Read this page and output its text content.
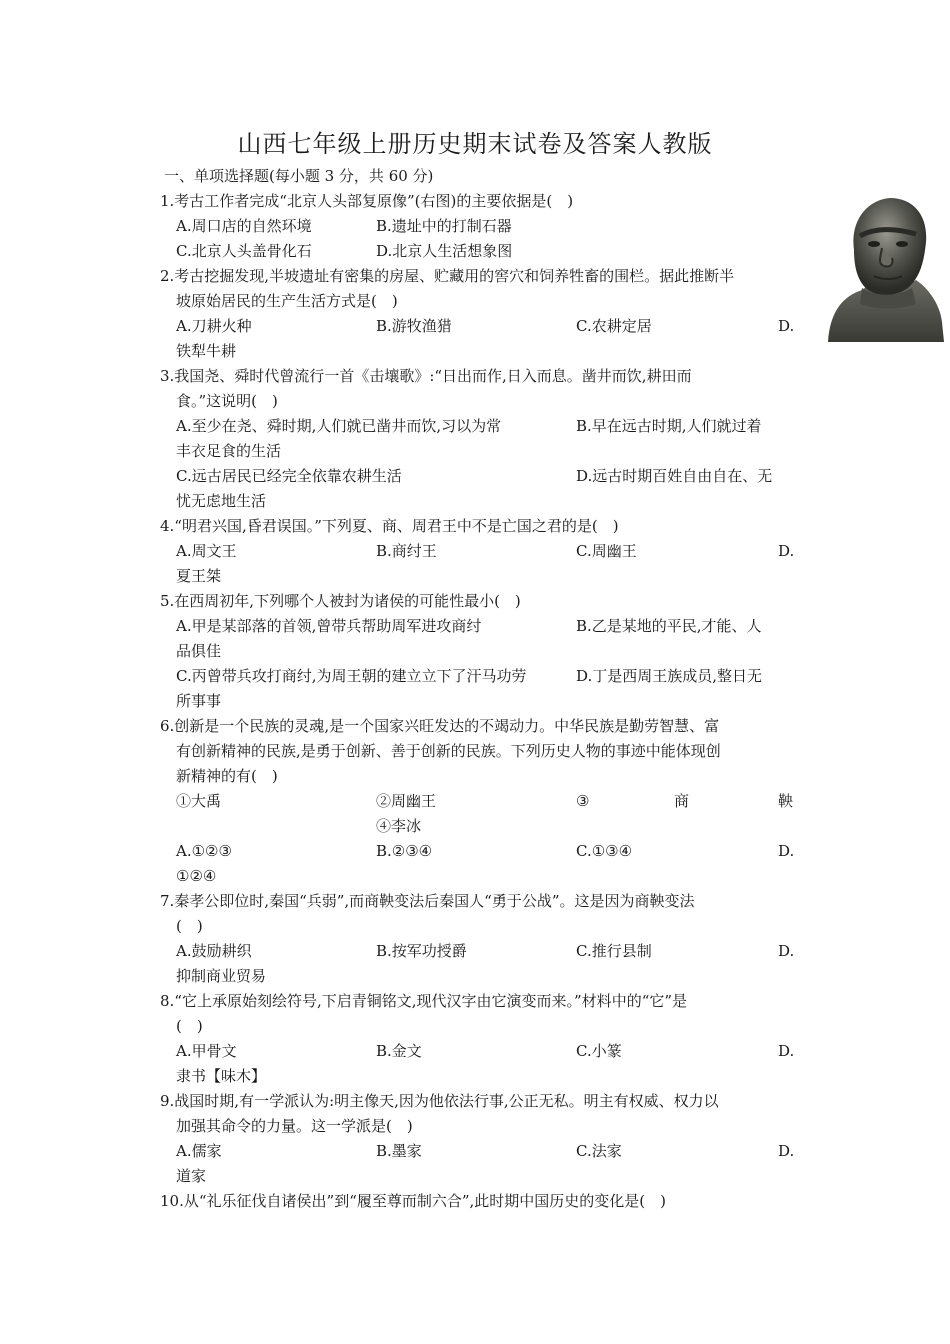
山西七年级上册历史期末试卷及答案人教版
一、单项选择题(每小题 3 分，共 60 分)
1.考古工作者完成“北京人头部复原像”(右图)的主要依据是(　)
A.周口店的自然环境	B.遗址中的打制石器
C.北京人头盖骨化石	D.北京人生活想象图
2.考古挖掘发现,半坡遗址有密集的房屋、贮藏用的窖穴和饲养牲畜的围栏。据此推断半
坡原始居民的生产生活方式是(　)
A.刀耕火种	B.游牧渔猎	C.农耕定居	D.
铁犁牛耕
3.我国尧、舜时代曾流行一首《击壤歌》:“日出而作,日入而息。凿井而饮,耕田而
食。”这说明(　)
A.至少在尧、舜时期,人们就已凿井而饮,习以为常	B.早在远古时期,人们就过着
丰衣足食的生活
C.远古居民已经完全依靠农耕生活	D.远古时期百姓自由自在、无
忧无虑地生活
4.“明君兴国,昏君误国。”下列夏、商、周君王中不是亡国之君的是(　)
A.周文王	B.商纣王	C.周幽王	D.
夏王桀
5.在西周初年,下列哪个人被封为诸侯的可能性最小(　)
A.甲是某部落的首领,曾带兵帮助周军进攻商纣	B.乙是某地的平民,才能、人
品俱佳
C.丙曾带兵攻打商纣,为周王朝的建立立下了汗马功劳	D.丁是西周王族成员,整日无
所事事
6.创新是一个民族的灵魂,是一个国家兴旺发达的不竭动力。中华民族是勤劳智慧、富
有创新精神的民族,是勇于创新、善于创新的民族。下列历史人物的事迹中能体现创
新精神的有(　)
①大禹	②周幽王	③	商	鞅
④李冰
A.①②③	B.②③④	C.①③④	D.
①②④
7.秦孝公即位时,秦国“兵弱”,而商鞅变法后秦国人“勇于公战”。这是因为商鞅变法
(　)
A.鼓励耕织	B.按军功授爵	C.推行县制	D.
抑制商业贸易
8.“它上承原始刻绘符号,下启青铜铭文,现代汉字由它演变而来。”材料中的“它”是
(　)
A.甲骨文	B.金文	C.小篆	D.
隶书【味木】
9.战国时期,有一学派认为:明主像天,因为他依法行事,公正无私。明主有权威、权力以
加强其命令的力量。这一学派是(　)
A.儒家	B.墨家	C.法家	D.
道家
10.从“礼乐征伐自诸侯出”到“履至尊而制六合”,此时期中国历史的变化是(　)
